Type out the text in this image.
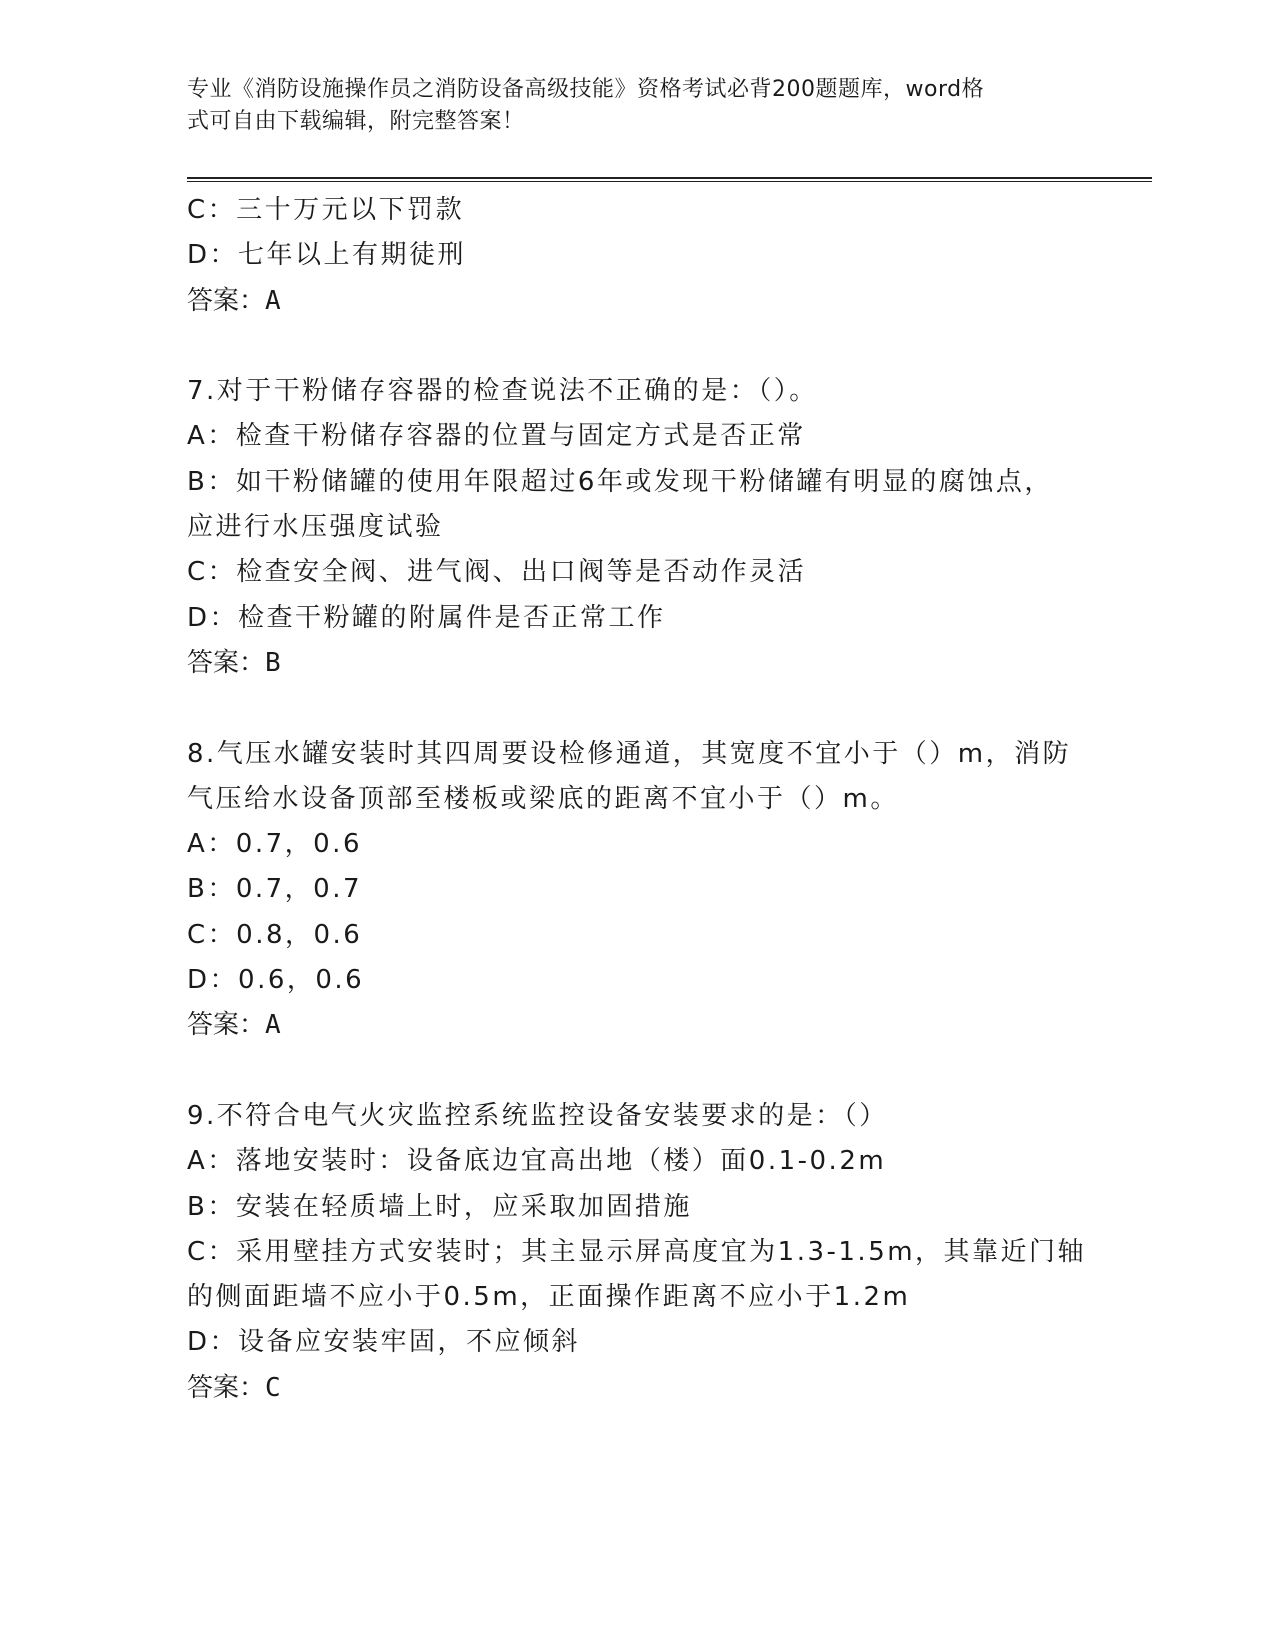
专业《消防设施操作员之消防设备高级技能》资格考试必背200题题库，word格
式可自由下载编辑，附完整答案！
C：三十万元以下罚款
D：七年以上有期徒刑
答案：A
7.对于干粉储存容器的检查说法不正确的是：（）。
A：检查干粉储存容器的位置与固定方式是否正常
B：如干粉储罐的使用年限超过6年或发现干粉储罐有明显的腐蚀点，
应进行水压强度试验
C：检查安全阀、进气阀、出口阀等是否动作灵活
D：检查干粉罐的附属件是否正常工作
答案：B
8.气压水罐安装时其四周要设检修通道，其宽度不宜小于（）m，消防
气压给水设备顶部至楼板或梁底的距离不宜小于（）m。
A：0.7，0.6
B：0.7，0.7
C：0.8，0.6
D：0.6，0.6
答案：A
9.不符合电气火灾监控系统监控设备安装要求的是：（）
A：落地安装时：设备底边宜高出地（楼）面0.1-0.2m
B：安装在轻质墙上时，应采取加固措施
C：采用壁挂方式安装时；其主显示屏高度宜为1.3-1.5m，其靠近门轴
的侧面距墙不应小于0.5m，正面操作距离不应小于1.2m
D：设备应安装牢固，不应倾斜
答案：C
